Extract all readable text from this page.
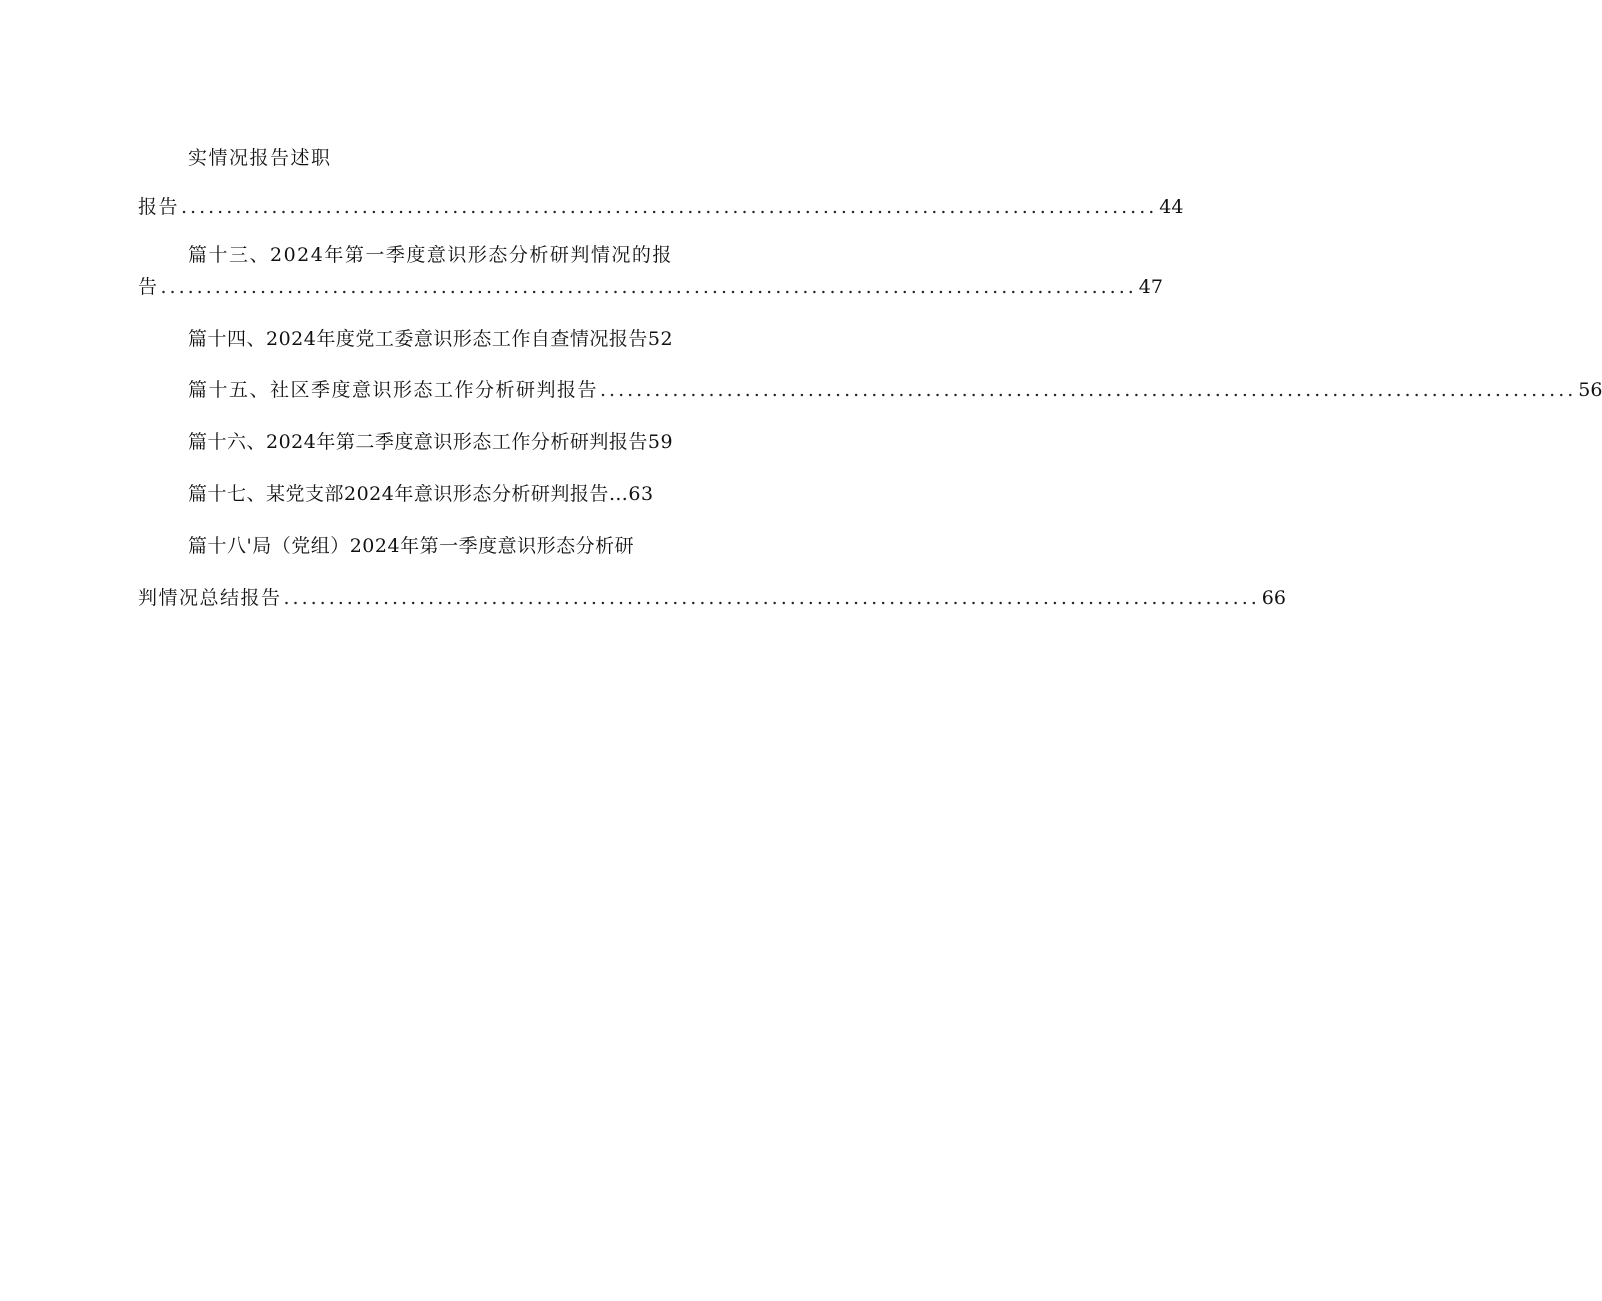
实情况报告述职
报告 ............................................................................................................ 44
篇十三、2024年第一季度意识形态分析研判情况的报
告 ............................................................................................................ 47
篇十四、2024年度党工委意识形态工作自查情况报告52
篇十五、社区季度意识形态工作分析研判报告 ............................................................................................................ 56
篇十六、2024年第二季度意识形态工作分析研判报告59
篇十七、某党支部2024年意识形态分析研判报告…63
篇十八'局（党组）2024年第一季度意识形态分析研
判情况总结报告 ............................................................................................................ 66
